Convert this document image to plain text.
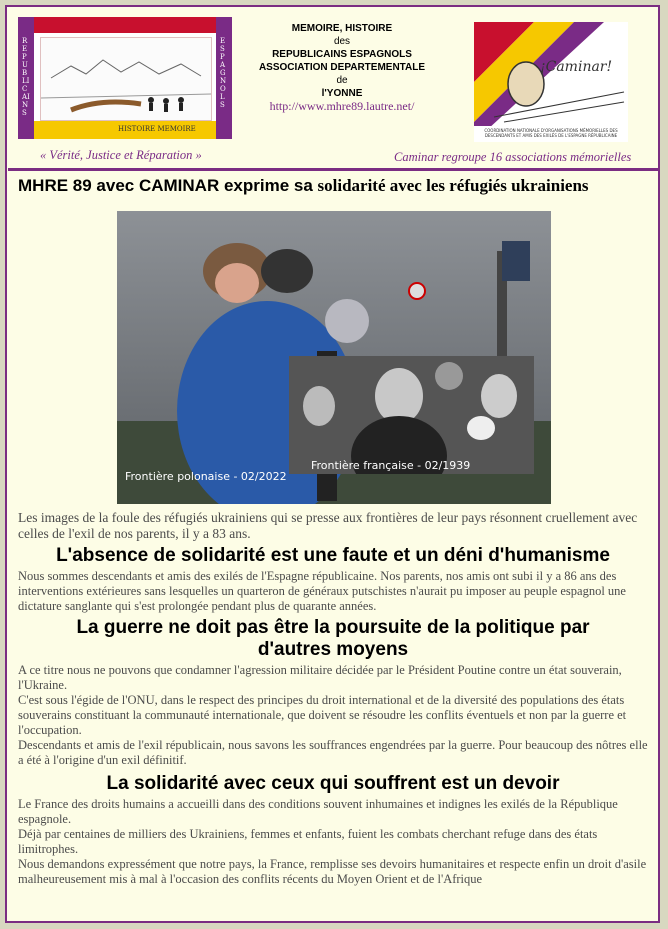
REPUBLICAINS
ESPAGNOLS
HISTOIRE MEMOIRE
« Vérité, Justice et Réparation »
MEMOIRE, HISTOIRE
des
REPUBLICAINS ESPAGNOLS
ASSOCIATION DEPARTEMENTALE
de
l'YONNE
http://www.mhre89.lautre.net/
COORDINATION NATIONALE D'ORGANISATIONS MÉMORIELLES DES DESCENDANTS ET AMIS DES EXILÉS DE L'ESPAGNE RÉPUBLICAINE
¡Caminar!
Caminar regroupe 16 associations mémorielles
MHRE 89 avec CAMINAR exprime sa solidarité avec les réfugiés ukrainiens
Frontière polonaise - 02/2022
Frontière française - 02/1939
Les images de la foule des réfugiés ukrainiens qui se presse aux frontières de leur pays résonnent cruellement avec celles de l'exil de nos parents, il y a 83 ans.
L'absence de solidarité est une faute et un déni d'humanisme
Nous sommes descendants et amis des exilés de l'Espagne républicaine. Nos parents, nos amis ont subi il y a 86 ans des interventions extérieures sans lesquelles un quarteron de généraux putschistes n'aurait pu imposer au peuple espagnol une dictature sanglante qui s'est prolongée pendant plus de quarante années.
La guerre ne doit pas être la poursuite de la politique par
d'autres moyens
A ce titre nous ne pouvons que condamner l'agression militaire décidée par le Président Poutine contre un état souverain, l'Ukraine.
C'est sous l'égide de l'ONU, dans le respect des principes du droit international et de la diversité des populations des états souverains constituant la communauté internationale, que doivent se résoudre les conflits éventuels et non par la guerre et l'occupation.
Descendants et amis de l'exil républicain, nous savons les souffrances engendrées par la guerre. Pour beaucoup des nôtres elle a été à l'origine d'un exil définitif.
La solidarité avec ceux qui souffrent est un devoir
Le France des droits humains a accueilli dans des conditions souvent inhumaines et indignes les exilés de la République espagnole.
Déjà par centaines de milliers des Ukrainiens, femmes et enfants, fuient les combats cherchant refuge dans des états limitrophes.
Nous demandons expressément que notre pays, la France, remplisse ses devoirs humanitaires et respecte enfin un droit d'asile malheureusement mis à mal à l'occasion des conflits récents du Moyen Orient et de l'Afrique
